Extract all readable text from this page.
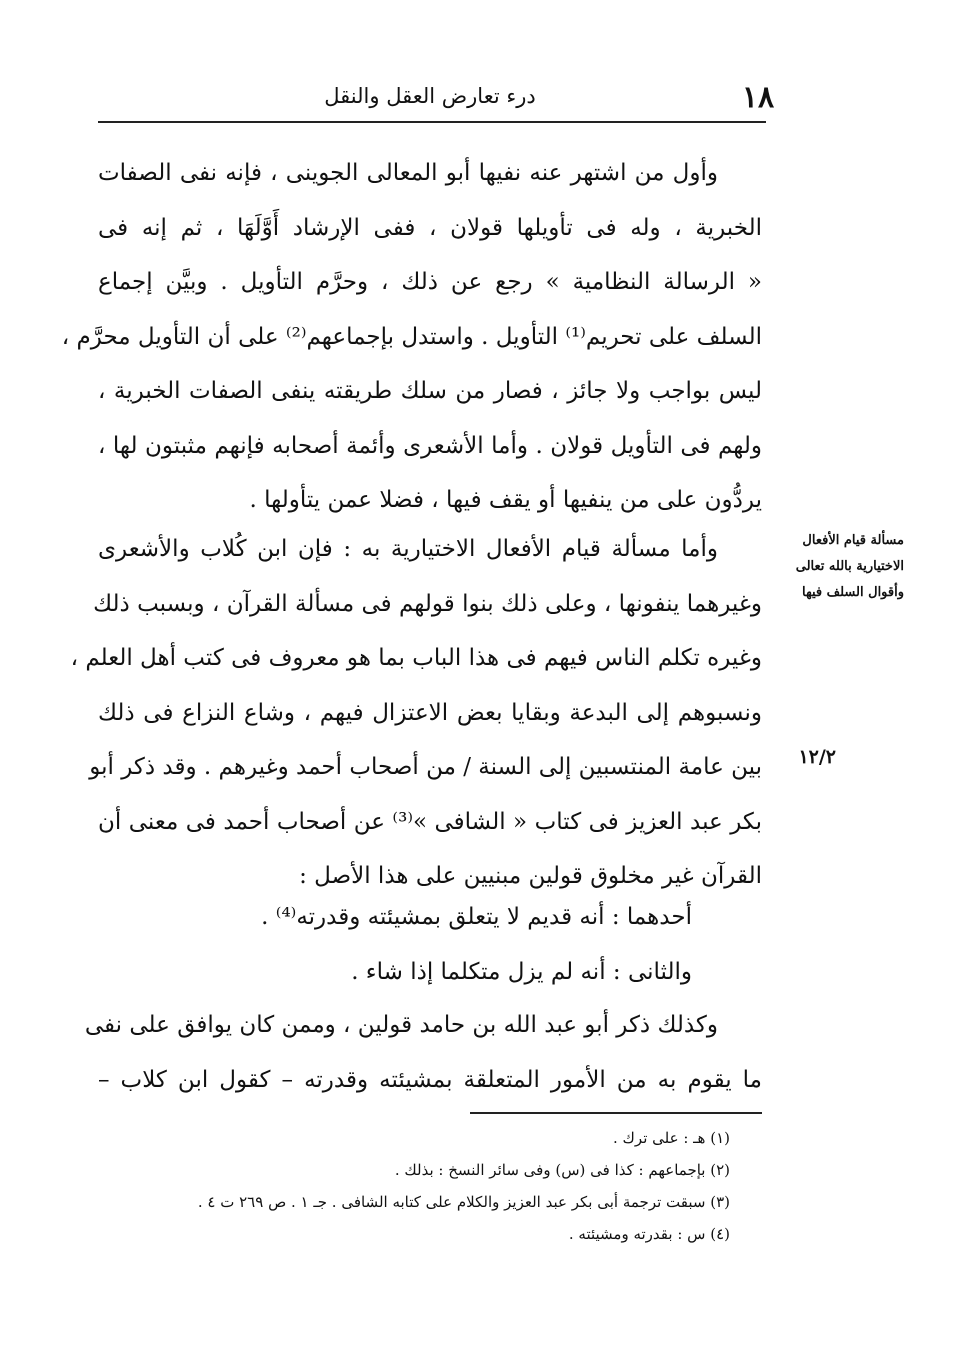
١٨
درء تعارض العقل والنقل
وأول من اشتهر عنه نفيها أبو المعالى الجوينى ، فإنه نفى الصفات
الخبرية ، وله فى تأويلها قولان ، ففى الإرشاد أَوَّلَهَا ، ثم إنه فى
« الرسالة النظامية » رجع عن ذلك ، وحرَّم التأويل . وبيَّن إجماع
السلف على تحريم⁽¹⁾ التأويل . واستدل بإجماعهم⁽²⁾ على أن التأويل محرَّم ،
ليس بواجب ولا جائز ، فصار من سلك طريقته ينفى الصفات الخبرية ،
ولهم فى التأويل قولان . وأما الأشعرى وأئمة أصحابه فإنهم مثبتون لها ،
يردُّون على من ينفيها أو يقف فيها ، فضلا عمن يتأولها .
وأما مسألة قيام الأفعال الاختيارية به : فإن ابن كُلاب والأشعرى
وغيرهما ينفونها ، وعلى ذلك بنوا قولهم فى مسألة القرآن ، وبسبب ذلك
وغيره تكلم الناس فيهم فى هذا الباب بما هو معروف فى كتب أهل العلم ،
ونسبوهم إلى البدعة وبقايا بعض الاعتزال فيهم ، وشاع النزاع فى ذلك
بين عامة المنتسبين إلى السنة / من أصحاب أحمد وغيرهم . وقد ذكر أبو
بكر عبد العزيز فى كتاب « الشافى »⁽³⁾ عن أصحاب أحمد فى معنى أن
القرآن غير مخلوق قولين مبنيين على هذا الأصل :
أحدهما : أنه قديم لا يتعلق بمشيئته وقدرته⁽⁴⁾ .
والثانى : أنه لم يزل متكلما إذا شاء .
وكذلك ذكر أبو عبد الله بن حامد قولين ، وممن كان يوافق على نفى
ما يقوم به من الأمور المتعلقة بمشيئته وقدرته – كقول ابن كلاب –
مسألة قيام الأفعال
الاختيارية بالله تعالى
وأقوال السلف فيها
١٢/٢
(١) هـ : على ترك .
(٢) بإجماعهم : كذا فى (س) وفى سائر النسخ : بذلك .
(٣) سبقت ترجمة أبى بكر عبد العزيز والكلام على كتابه الشافى . جـ ١ . ص ٢٦٩ ت ٤ .
(٤) س : بقدرته ومشيئته .
